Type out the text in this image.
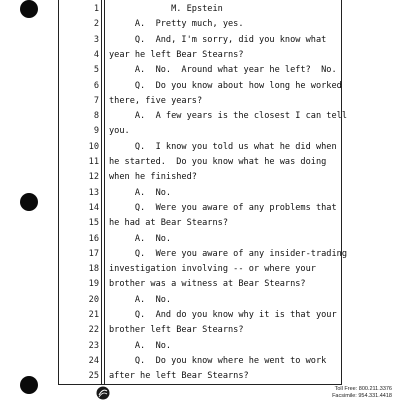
1 M. Epstein
2 A.  Pretty much, yes.
3 Q.  And, I'm sorry, did you know what
4 year he left Bear Stearns?
5 A.  No.  Around what year he left?  No.
6 Q.  Do you know about how long he worked
7 there, five years?
8 A.  A few years is the closest I can tell
9 you.
10 Q.  I know you told us what he did when
11 he started.  Do you know what he was doing
12 when he finished?
13 A.  No.
14 Q.  Were you aware of any problems that
15 he had at Bear Stearns?
16 A.  No.
17 Q.  Were you aware of any insider-trading
18 investigation involving -- or where your
19 brother was a witness at Bear Stearns?
20 A.  No.
21 Q.  And do you know why it is that your
22 brother left Bear Stearns?
23 A.  No.
24 Q.  Do you know where he went to work
25 after he left Bear Stearns?
Toll Free: 800.211.3376
Facsimile: 954.331.4418
